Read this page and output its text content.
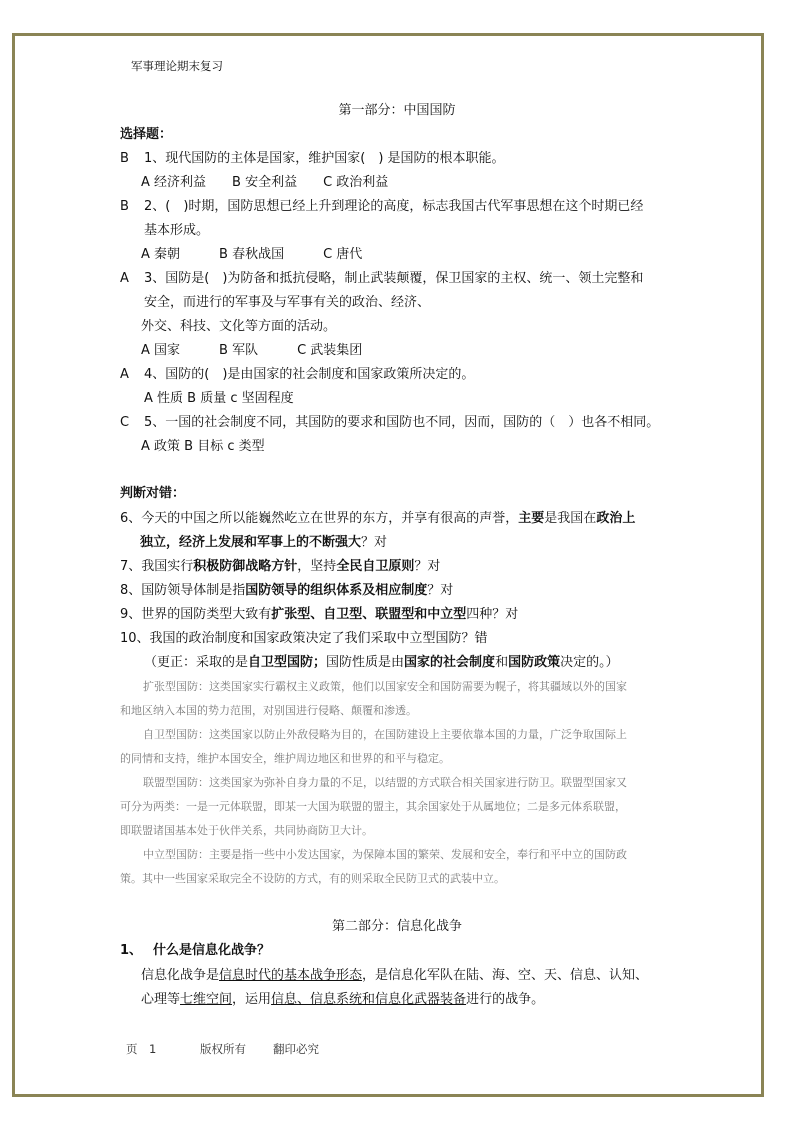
军事理论期末复习
第一部分：中国国防
选择题：
B 1、现代国防的主体是国家，维护国家(　) 是国防的根本职能。
A 经济利益　　B 安全利益　　C 政治利益
B 2、(　)时期，国防思想已经上升到理论的高度，标志我国古代军事思想在这个时期已经
基本形成。
A 秦朝　　　B 春秋战国　　　C 唐代
A 3、国防是(　)为防备和抵抗侵略，制止武装颠覆，保卫国家的主权、统一、领土完整和
安全，而进行的军事及与军事有关的政治、经济、
外交、科技、文化等方面的活动。
A 国家　　　B 军队　　　C 武装集团
A 4、国防的(　)是由国家的社会制度和国家政策所决定的。
A 性质 B 质量 c 坚固程度
C 5、一国的社会制度不同，其国防的要求和国防也不同，因而，国防的（　）也各不相同。
A 政策 B 目标 c 类型
判断对错：
6、今天的中国之所以能巍然屹立在世界的东方，并享有很高的声誉，主要是我国在政治上
独立，经济上发展和军事上的不断强大？对
7、我国实行积极防御战略方针，坚持全民自卫原则？对
8、国防领导体制是指国防领导的组织体系及相应制度？对
9、世界的国防类型大致有扩张型、自卫型、联盟型和中立型四种？对
10、我国的政治制度和国家政策决定了我们采取中立型国防？错
（更正：采取的是自卫型国防；国防性质是由国家的社会制度和国防政策决定的。）
扩张型国防：这类国家实行霸权主义政策，他们以国家安全和国防需要为幌子，将其疆域以外的国家
和地区纳入本国的势力范围，对别国进行侵略、颠覆和渗透。
自卫型国防：这类国家以防止外敌侵略为目的，在国防建设上主要依靠本国的力量，广泛争取国际上
的同情和支持，维护本国安全，维护周边地区和世界的和平与稳定。
联盟型国防：这类国家为弥补自身力量的不足，以结盟的方式联合相关国家进行防卫。联盟型国家又
可分为两类：一是一元体联盟，即某一大国为联盟的盟主，其余国家处于从属地位；二是多元体系联盟，
即联盟诸国基本处于伙伴关系，共同协商防卫大计。
中立型国防：主要是指一些中小发达国家，为保障本国的繁荣、发展和安全，奉行和平中立的国防政
策。其中一些国家采取完全不设防的方式，有的则采取全民防卫式的武装中立。
第二部分：信息化战争
1、 什么是信息化战争？
信息化战争是信息时代的基本战争形态，是信息化军队在陆、海、空、天、信息、认知、
心理等七维空间，运用信息、信息系统和信息化武器装备进行的战争。
页　1	版权所有 翻印必究
